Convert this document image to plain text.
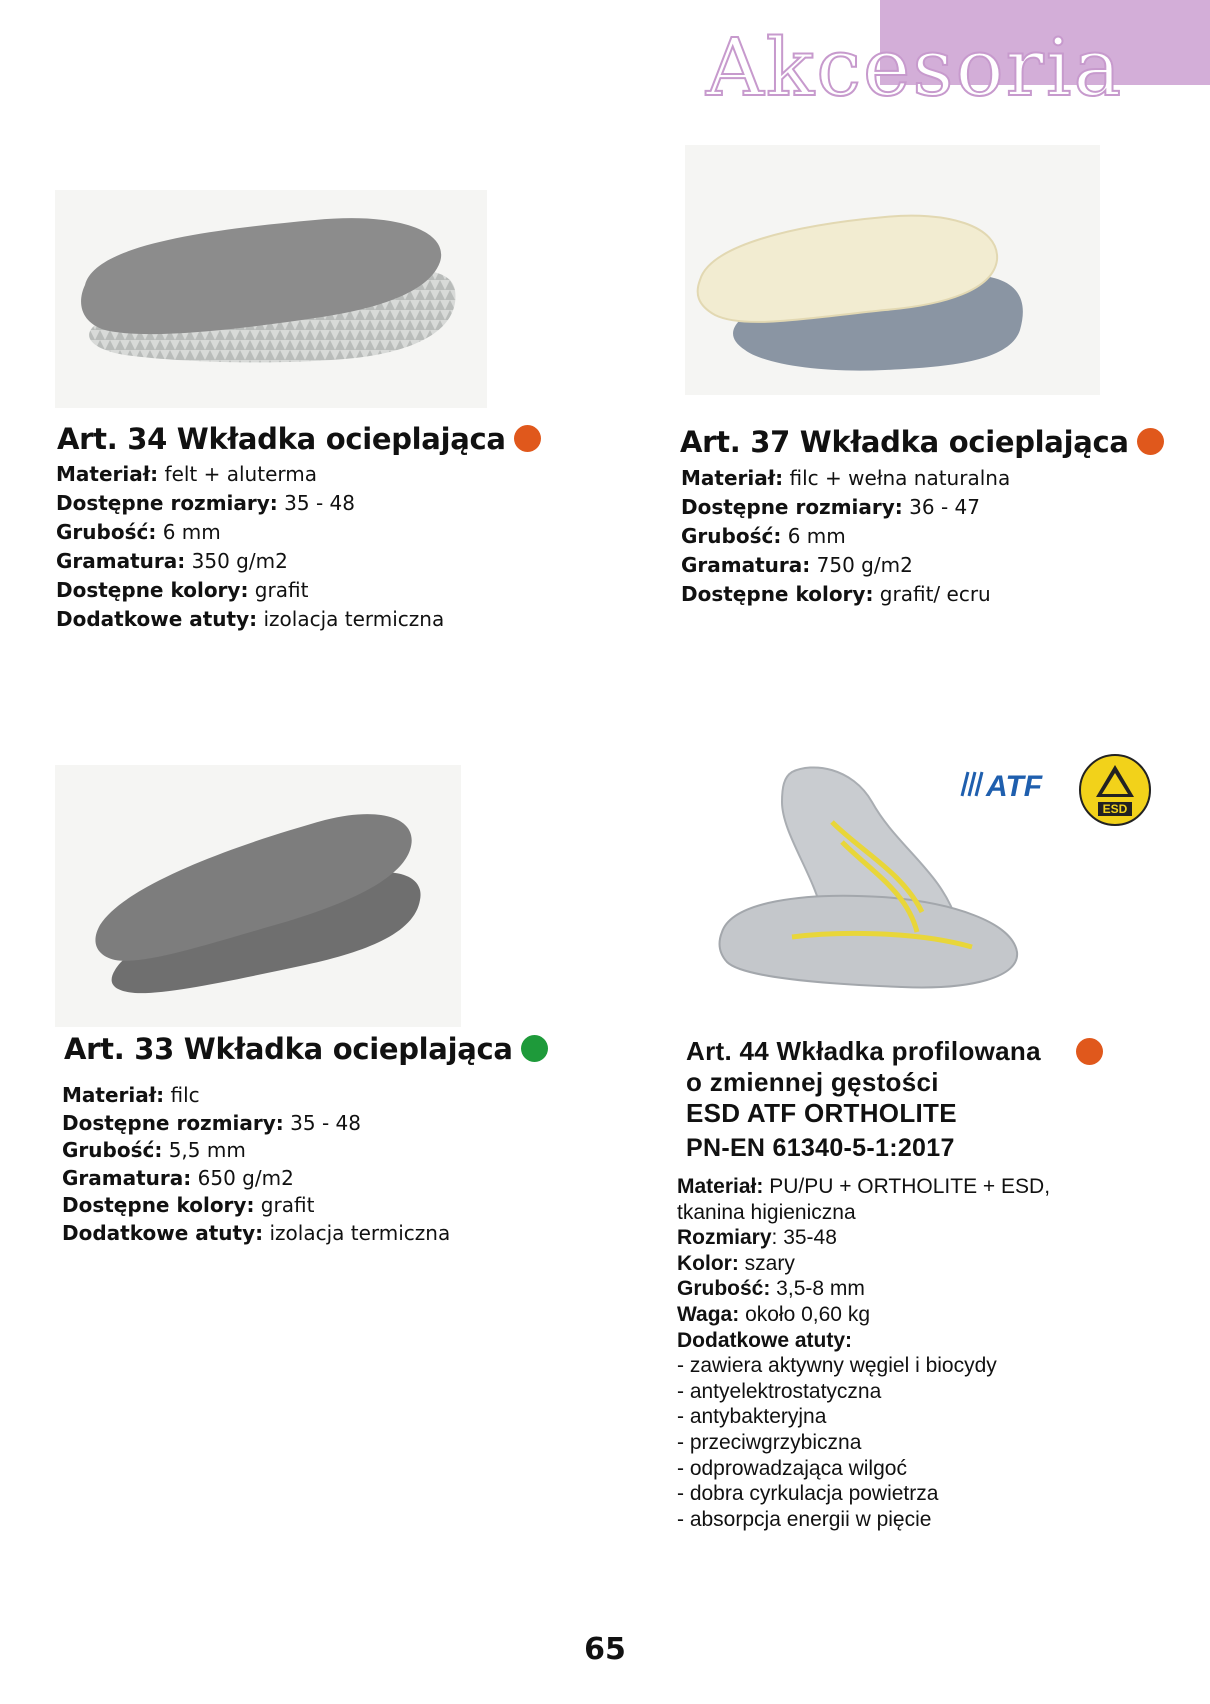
Akcesoria
Art. 34 Wkładka ocieplająca
Materiał: felt + aluterma
Dostępne rozmiary: 35 - 48
Grubość: 6 mm
Gramatura: 350 g/m2
Dostępne kolory: grafit
Dodatkowe atuty: izolacja termiczna
Art. 37 Wkładka ocieplająca
Materiał: filc + wełna naturalna
Dostępne rozmiary: 36 - 47
Grubość: 6 mm
Gramatura: 750 g/m2
Dostępne kolory: grafit/ ecru
Art. 33 Wkładka ocieplająca
Materiał: filc
Dostępne rozmiary: 35 - 48
Grubość: 5,5 mm
Gramatura: 650 g/m2
Dostępne kolory: grafit
Dodatkowe atuty: izolacja termiczna
ATF
ESD
Art. 44 Wkładka profilowana
o zmiennej gęstości
ESD ATF ORTHOLITE
PN-EN 61340-5-1:2017
Materiał: PU/PU + ORTHOLITE + ESD,
tkanina higieniczna
Rozmiary: 35-48
Kolor: szary
Grubość: 3,5-8 mm
Waga: około 0,60 kg
Dodatkowe atuty:
- zawiera aktywny węgiel i biocydy
- antyelektrostatyczna
- antybakteryjna
- przeciwgrzybiczna
- odprowadzająca wilgoć
- dobra cyrkulacja powietrza
- absorpcja energii w pięcie
65
